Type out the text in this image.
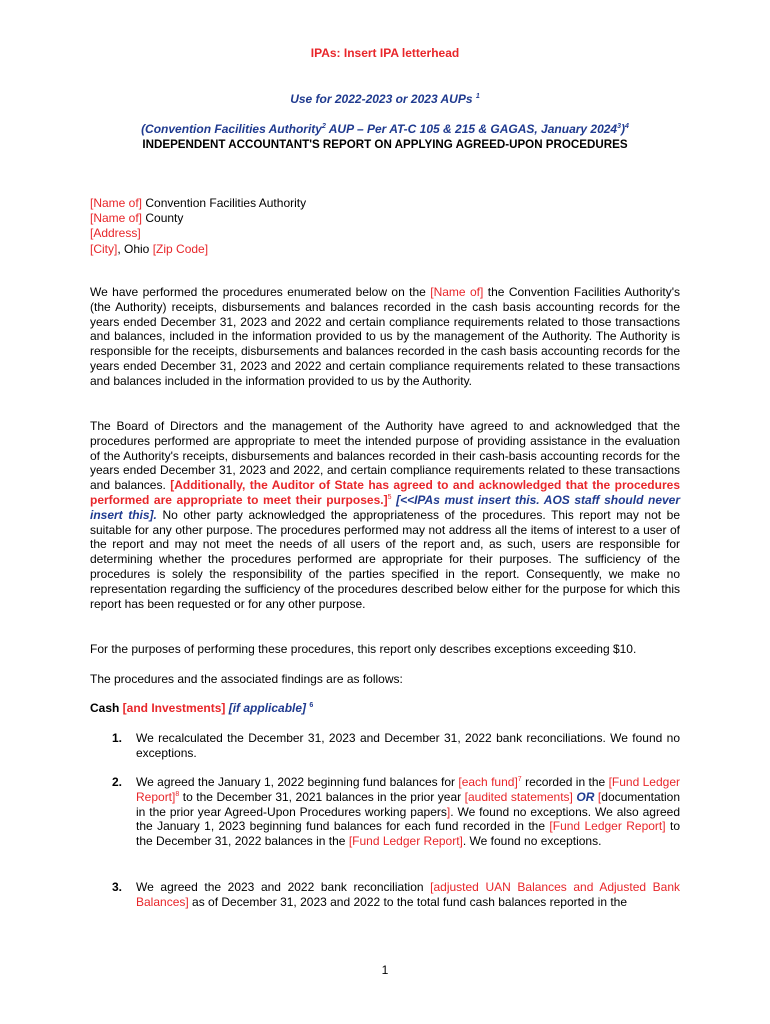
IPAs: Insert IPA letterhead
Use for 2022-2023 or 2023 AUPs $^1$
(Convention Facilities Authority$^2$ AUP – Per AT-C 105 & 215 & GAGAS, January 2024$^3$)$^4$
INDEPENDENT ACCOUNTANT'S REPORT ON APPLYING AGREED-UPON PROCEDURES
[Name of] Convention Facilities Authority
[Name of] County
[Address]
[City], Ohio [Zip Code]

We have performed the procedures enumerated below on the [Name of] the Convention Facilities Authority's (the Authority) receipts, disbursements and balances recorded in the cash basis accounting records for the years ended December 31, 2023 and 2022 and certain compliance requirements related to those transactions and balances, included in the information provided to us by the management of the Authority. The Authority is responsible for the receipts, disbursements and balances recorded in the cash basis accounting records for the years ended December 31, 2023 and 2022 and certain compliance requirements related to these transactions and balances included in the information provided to us by the Authority.

The Board of Directors and the management of the Authority have agreed to and acknowledged that the procedures performed are appropriate to meet the intended purpose of providing assistance in the evaluation of the Authority's receipts, disbursements and balances recorded in their cash-basis accounting records for the years ended December 31, 2023 and 2022, and certain compliance requirements related to these transactions and balances. [Additionally, the Auditor of State has agreed to and acknowledged that the procedures performed are appropriate to meet their purposes.]$^5$ [<<IPAs must insert this. AOS staff should never insert this]. No other party acknowledged the appropriateness of the procedures. This report may not be suitable for any other purpose. The procedures performed may not address all the items of interest to a user of the report and may not meet the needs of all users of the report and, as such, users are responsible for determining whether the procedures performed are appropriate for their purposes. The sufficiency of the procedures is solely the responsibility of the parties specified in the report. Consequently, we make no representation regarding the sufficiency of the procedures described below either for the purpose for which this report has been requested or for any other purpose.

For the purposes of performing these procedures, this report only describes exceptions exceeding $10.

The procedures and the associated findings are as follows:

Cash [and Investments] [if applicable] $^6$
1. We recalculated the December 31, 2023 and December 31, 2022 bank reconciliations. We found no exceptions.
2. We agreed the January 1, 2022 beginning fund balances for [each fund]$^7$ recorded in the [Fund Ledger Report]$^8$ to the December 31, 2021 balances in the prior year [audited statements] OR [documentation in the prior year Agreed-Upon Procedures working papers]. We found no exceptions. We also agreed the January 1, 2023 beginning fund balances for each fund recorded in the [Fund Ledger Report] to the December 31, 2022 balances in the [Fund Ledger Report]. We found no exceptions.
3. We agreed the 2023 and 2022 bank reconciliation [adjusted UAN Balances and Adjusted Bank Balances] as of December 31, 2023 and 2022 to the total fund cash balances reported in the
1
